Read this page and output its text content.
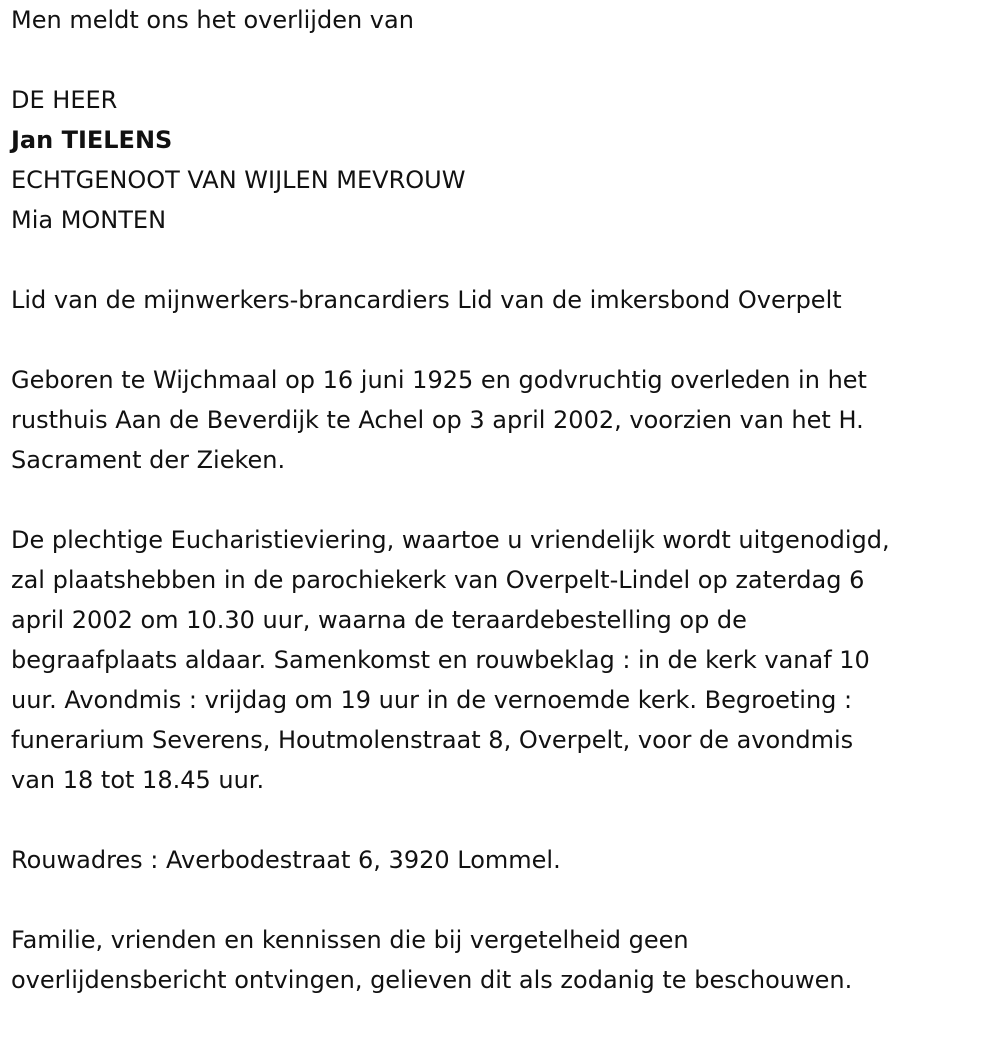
Men meldt ons het overlijden van

DE HEER

Jan TIELENS

ECHTGENOOT VAN WIJLEN MEVROUW

Mia MONTEN

Lid van de mijnwerkers-brancardiers Lid van de imkersbond Overpelt

Geboren te Wijchmaal op 16 juni 1925 en godvruchtig overleden in het
rusthuis Aan de Beverdijk te Achel op 3 april 2002, voorzien van het H.
Sacrament der Zieken.
De plechtige Eucharistieviering, waartoe u vriendelijk wordt uitgenodigd,
zal plaatshebben in de parochiekerk van Overpelt-Lindel op zaterdag 6
april 2002 om 10.30 uur, waarna de teraardebestelling op de
begraafplaats aldaar. Samenkomst en rouwbeklag : in de kerk vanaf 10
uur. Avondmis : vrijdag om 19 uur in de vernoemde kerk. Begroeting :
funerarium Severens, Houtmolenstraat 8, Overpelt, voor de avondmis
van 18 tot 18.45 uur.

Rouwadres : Averbodestraat 6, 3920 Lommel.

Familie, vrienden en kennissen die bij vergetelheid geen
overlijdensbericht ontvingen, gelieven dit als zodanig te beschouwen.
